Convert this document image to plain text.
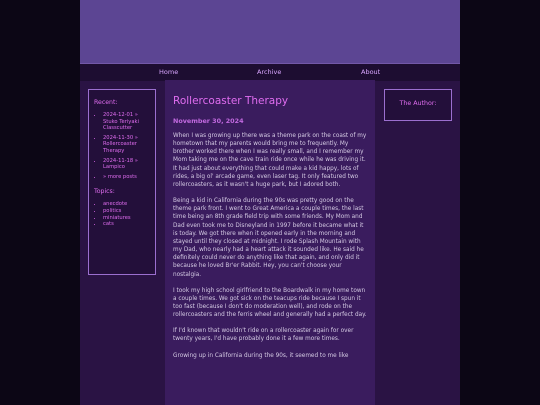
Home	Archive	About
Recent:
• 2024-12-01 » Stuko Teriyaki Classcutter
• 2024-11-30 » Rollercoaster Therapy
• 2024-11-18 » Lampico
• » more posts
Topics:
• anecdote
• politics
• miniatures
• cats
Rollercoaster Therapy
November 30, 2024

When I was growing up there was a theme park on the coast of my hometown that my parents would bring me to frequently. My brother worked there when I was really small, and I remember my Mom taking me on the cave train ride once while he was driving it. It had just about everything that could make a kid happy, lots of rides, a big ol' arcade game, even laser tag. It only featured two rollercoasters, as it wasn't a huge park, but I adored both.

Being a kid in California during the 90s was pretty good on the theme park front. I went to Great America a couple times, the last time being an 8th grade field trip with some friends. My Mom and Dad even took me to Disneyland in 1997 before it became what it is today. We got there when it opened early in the morning and stayed until they closed at midnight. I rode Splash Mountain with my Dad, who nearly had a heart attack it sounded like. He said he definitely could never do anything like that again, and only did it because he loved Br'er Rabbit. Hey, you can't choose your nostalgia.

I took my high school girlfriend to the Boardwalk in my home town a couple times. We got sick on the teacups ride because I spun it too fast (because I don't do moderation well), and rode on the rollercoasters and the ferris wheel and generally had a perfect day.

If I'd known that wouldn't ride on a rollercoaster again for over twenty years, I'd have probably done it a few more times.

Growing up in California during the 90s, it seemed to me like

The Author:
